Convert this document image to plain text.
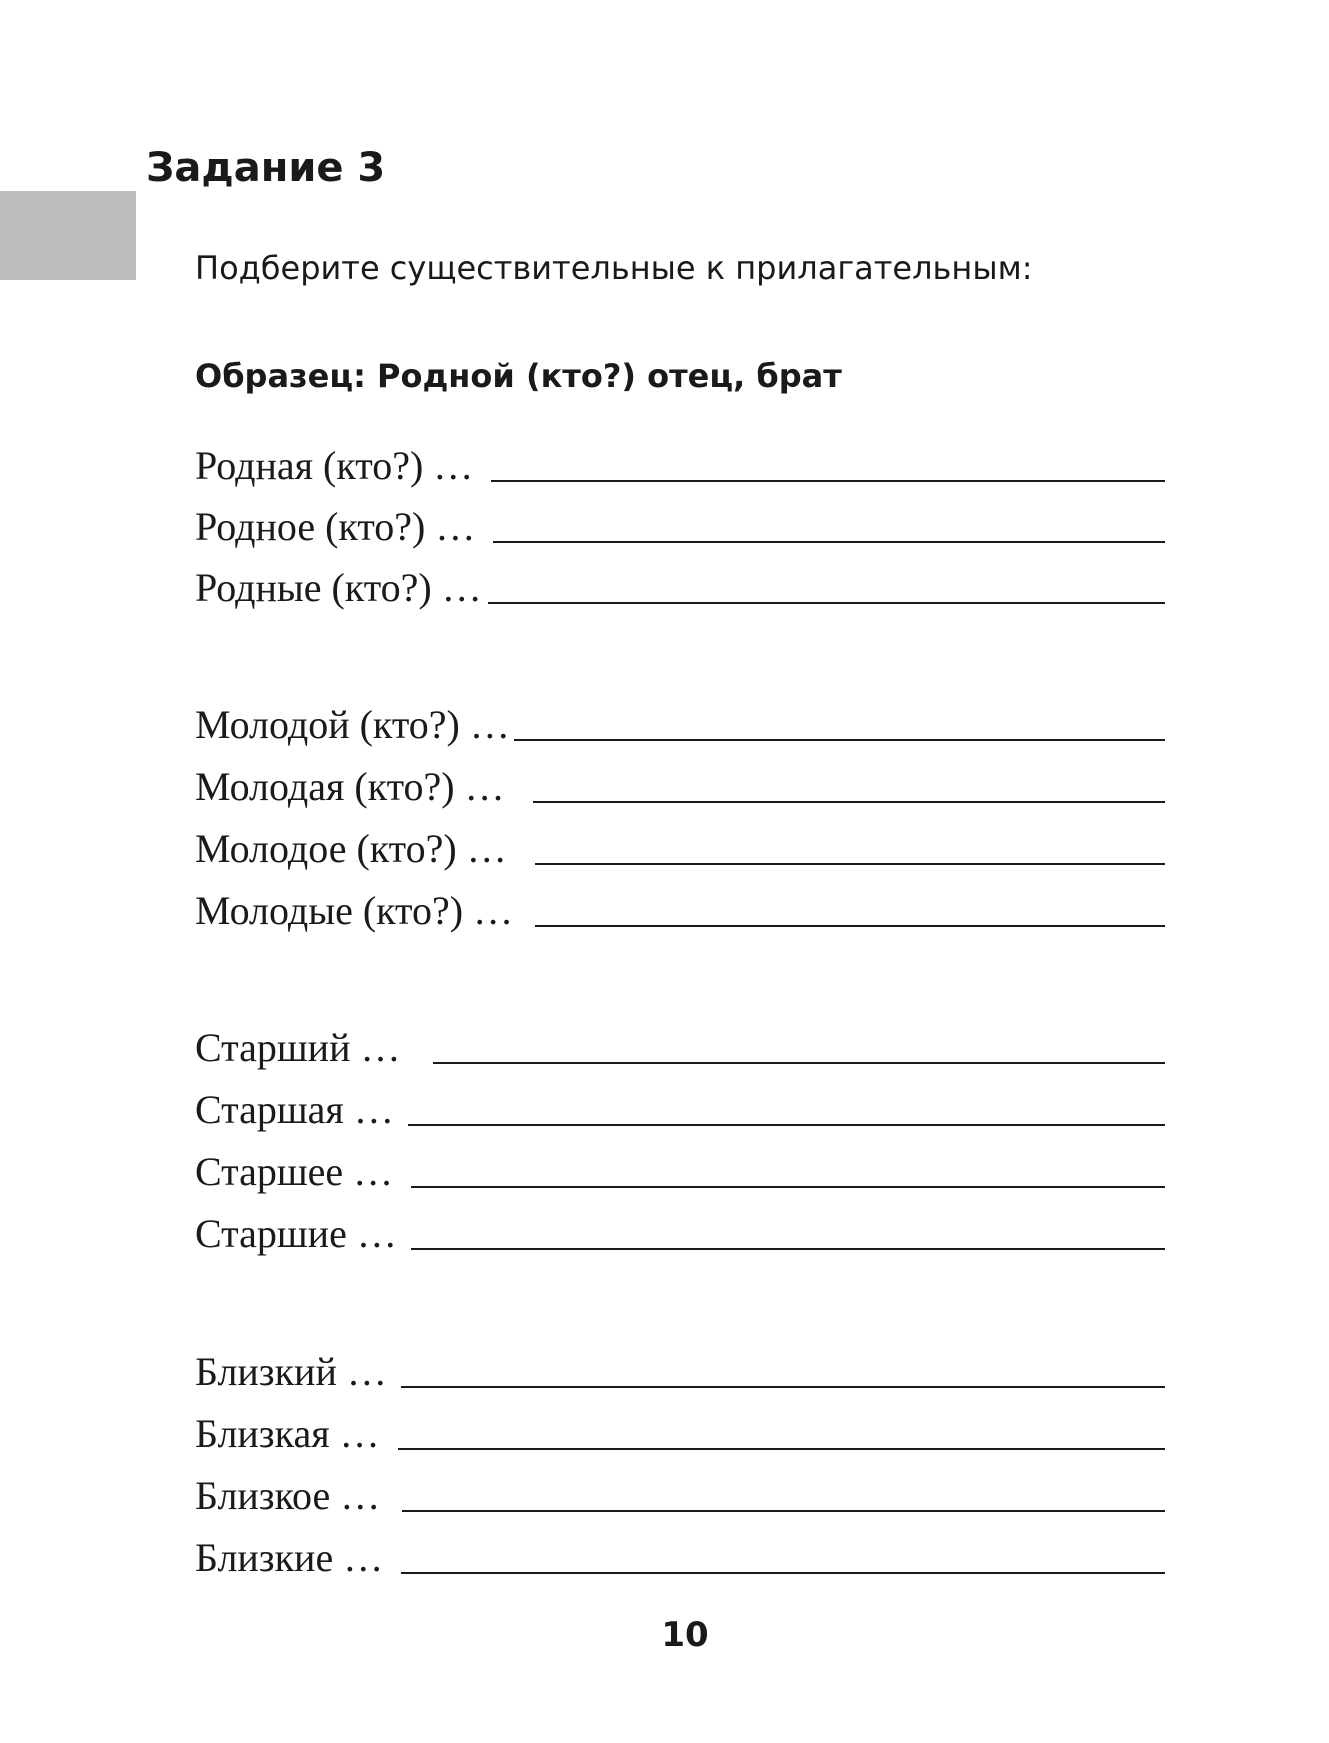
Задание 3

Подберите существительные к прилагательным:

Образец: Родной (кто?) отец, брат

Родная (кто?) …
Родное (кто?) …
Родные (кто?) …
Молодой (кто?) …
Молодая (кто?) …
Молодое (кто?) …
Молодые (кто?) …
Старший …
Старшая …
Старшее …
Старшие …
Близкий …
Близкая …
Близкое …
Близкие …

10
